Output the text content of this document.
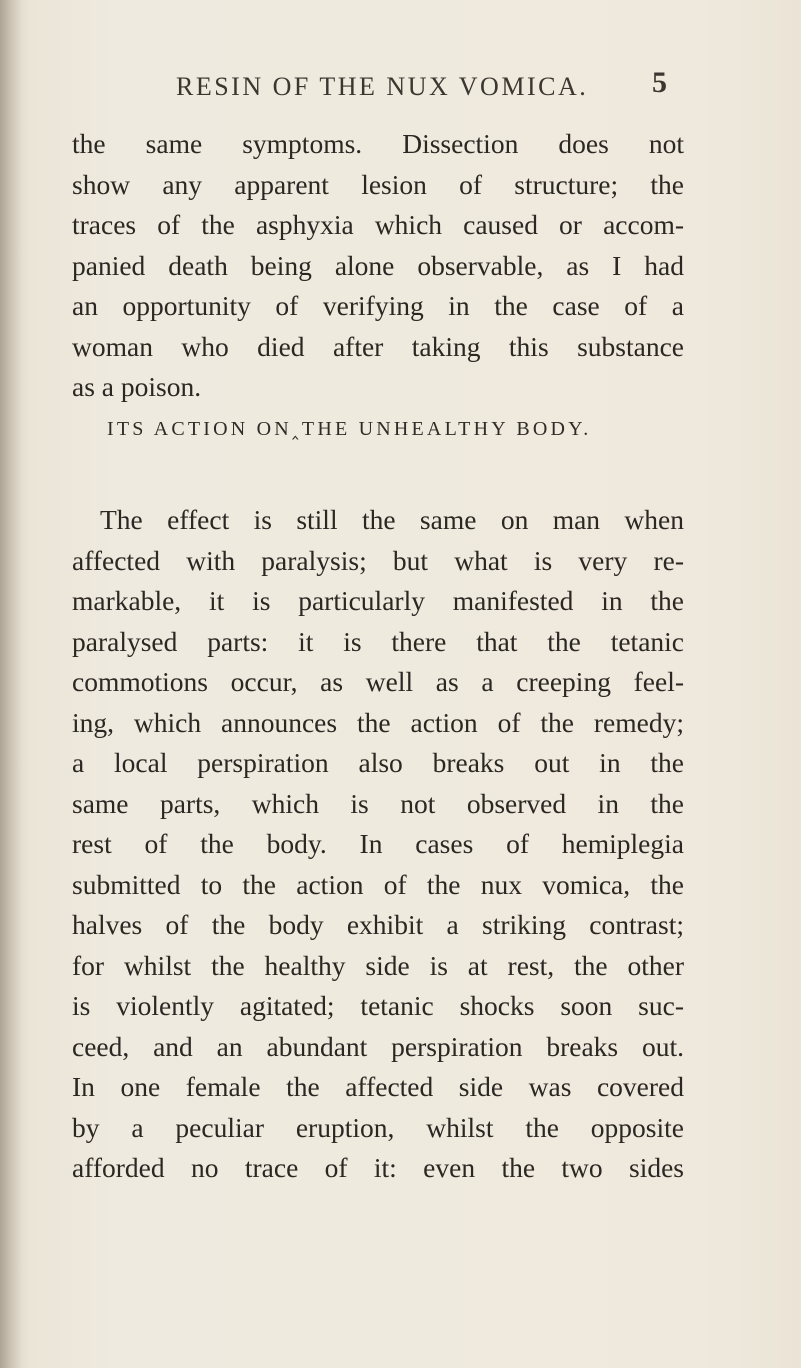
RESIN OF THE NUX VOMICA.	5
the same symptoms. Dissection does not
show any apparent lesion of structure; the
traces of the asphyxia which caused or accom-
panied death being alone observable, as I had
an opportunity of verifying in the case of a
woman who died after taking this substance
as a poison.
ITS ACTION ON‸THE UNHEALTHY BODY.
The effect is still the same on man when
affected with paralysis; but what is very re-
markable, it is particularly manifested in the
paralysed parts: it is there that the tetanic
commotions occur, as well as a creeping feel-
ing, which announces the action of the remedy;
a local perspiration also breaks out in the
same parts, which is not observed in the
rest of the body. In cases of hemiplegia
submitted to the action of the nux vomica, the
halves of the body exhibit a striking contrast;
for whilst the healthy side is at rest, the other
is violently agitated; tetanic shocks soon suc-
ceed, and an abundant perspiration breaks out.
In one female the affected side was covered
by a peculiar eruption, whilst the opposite
afforded no trace of it: even the two sides
